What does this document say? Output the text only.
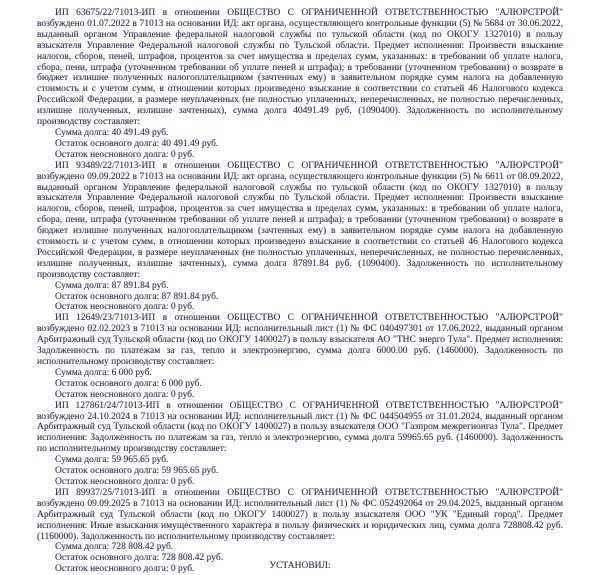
ИП 63675/22/71013-ИП в отношении ОБЩЕСТВО С ОГРАНИЧЕННОЙ ОТВЕТСТВЕННОСТЬЮ "АЛЮРСТРОЙ" возбуждено 01.07.2022 в 71013 на основании ИД: акт органа, осуществляющего контрольные функции (5) № 5684 от 30.06.2022, выданный органом Управление федеральной налоговой службы по тульской области (код по ОКОГУ 1327010) в пользу взыскателя Управление Федеральной налоговой службы по Тульской области. Предмет исполнения: Произвести взыскание налогов, сборов, пеней, штрафов, процентов за счет имущества в пределах сумм, указанных: в требовании об уплате налога, сбора, пени, штрафа (уточненном требовании об уплате пеней и штрафа); в требовании (уточненном требовании) о возврате в бюджет излишне полученных налогоплательщиком (зачтенных ему) в заявительном порядке сумм налога на добавленную стоимость и с учетом сумм, в отношении которых произведено взыскание в соответствии со статьей 46 Налогового кодекса Российской Федерации, в размере неуплаченных (не полностью уплаченных, неперечисленных, не полностью перечисленных, излишне полученных, излишне зачтенных), сумма долга 40491.49 руб. (1090400). Задолженность по исполнительному производству составляет:

Сумма долга: 40 491.49 руб.

Остаток основного долга: 40 491.49 руб.

Остаток неосновного долга: 0 руб.

ИП 93489/22/71013-ИП в отношении ОБЩЕСТВО С ОГРАНИЧЕННОЙ ОТВЕТСТВЕННОСТЬЮ "АЛЮРСТРОЙ" возбуждено 09.09.2022 в 71013 на основании ИД: акт органа, осуществляющего контрольные функции (5) № 6611 от 08.09.2022, выданный органом Управление федеральной налоговой службы по тульской области (код по ОКОГУ 1327010) в пользу взыскателя Управление Федеральной налоговой службы по Тульской области. Предмет исполнения: Произвести взыскание налогов, сборов, пеней, штрафов, процентов за счет имущества в пределах сумм, указанных: в требовании об уплате налога, сбора, пени, штрафа (уточненном требовании об уплате пеней и штрафа); в требовании (уточненном требовании) о возврате в бюджет излишне полученных налогоплательщиком (зачтенных ему) в заявительном порядке сумм налога на добавленную стоимость и с учетом сумм, в отношении которых произведено взыскание в соответствии со статьей 46 Налогового кодекса Российской Федерации, в размере неуплаченных (не полностью уплаченных, неперечисленных, не полностью перечисленных, излишне полученных, излишне зачтенных), сумма долга 87891.84 руб. (1090400). Задолженность по исполнительному производству составляет:

Сумма долга: 87 891.84 руб.

Остаток основного долга: 87 891.84 руб.

Остаток неосновного долга: 0 руб.

ИП 12649/23/71013-ИП в отношении ОБЩЕСТВО С ОГРАНИЧЕННОЙ ОТВЕТСТВЕННОСТЬЮ "АЛЮРСТРОЙ" возбуждено 02.02.2023 в 71013 на основании ИД: исполнительный лист (1) № ФС 040497301 от 17.06.2022, выданный органом Арбитражный суд Тульской области (код по ОКОГУ 1400027) в пользу взыскателя АО "ТНС энерго Тула". Предмет исполнения: Задолженность по платежам за газ, тепло и электроэнергию, сумма долга 6000.00 руб. (1460000). Задолженность по исполнительному производству составляет:

Сумма долга: 6 000 руб.

Остаток основного долга: 6 000 руб.

Остаток неосновного долга: 0 руб.

ИП 127861/24/71013-ИП в отношении ОБЩЕСТВО С ОГРАНИЧЕННОЙ ОТВЕТСТВЕННОСТЬЮ "АЛЮРСТРОЙ" возбуждено 24.10.2024 в 71013 на основании ИД: исполнительный лист (1) № ФС 044504955 от 31.01.2024, выданный органом Арбитражный суд Тульской области (код по ОКОГУ 1400027) в пользу взыскателя ООО "Газпром межрегионгаз Тула". Предмет исполнения: Задолженность по платежам за газ, тепло и электроэнергию, сумма долга 59965.65 руб. (1460000). Задолженность по исполнительному производству составляет:

Сумма долга: 59 965.65 руб.

Остаток основного долга: 59 965.65 руб.

Остаток неосновного долга: 0 руб.

ИП 89937/25/71013-ИП в отношении ОБЩЕСТВО С ОГРАНИЧЕННОЙ ОТВЕТСТВЕННОСТЬЮ "АЛЮРСТРОЙ" возбуждено 09.09.2025 в 71013 на основании ИД: исполнительный лист (1) № ФС 052492064 от 29.04.2025, выданный органом Арбитражный суд Тульской области (код по ОКОГУ 1400027) в пользу взыскателя ООО "УК "Единый город". Предмет исполнения: Иные взыскания имущественного характера в пользу физических и юридических лиц, сумма долга 728808.42 руб. (1160000). Задолженность по исполнительному производству составляет:

Сумма долга: 728 808.42 руб.

Остаток основного долга: 728 808.42 руб.

Остаток неосновного долга: 0 руб.	УСТАНОВИЛ:
